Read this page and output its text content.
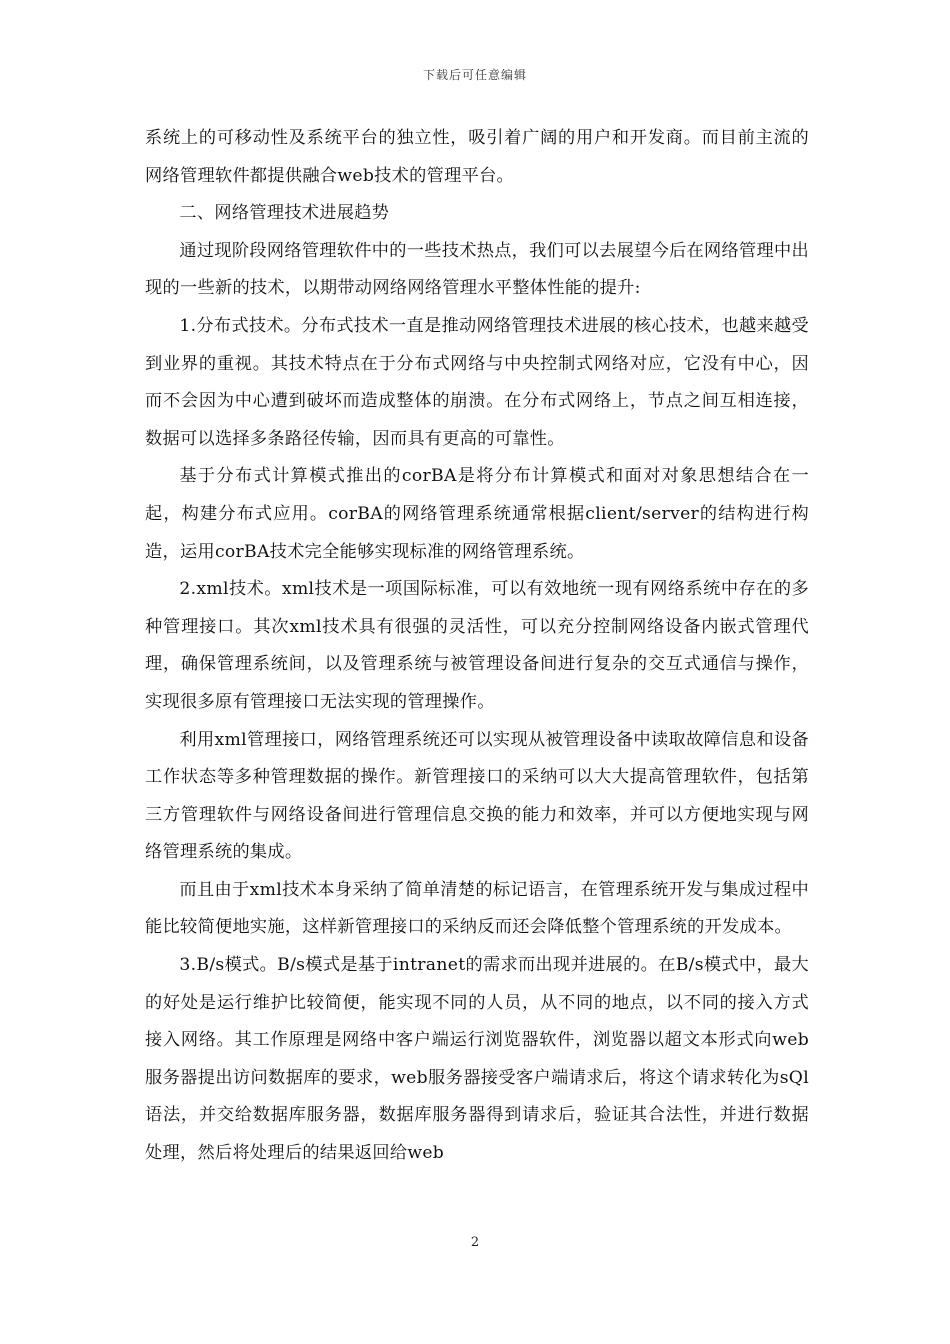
下载后可任意编辑

系统上的可移动性及系统平台的独立性，吸引着广阔的用户和开发商。而目前主流的网络管理软件都提供融合web技术的管理平台。

二、网络管理技术进展趋势

通过现阶段网络管理软件中的一些技术热点，我们可以去展望今后在网络管理中出现的一些新的技术，以期带动网络网络管理水平整体性能的提升:

1.分布式技术。分布式技术一直是推动网络管理技术进展的核心技术，也越来越受到业界的重视。其技术特点在于分布式网络与中央控制式网络对应，它没有中心，因而不会因为中心遭到破坏而造成整体的崩溃。在分布式网络上，节点之间互相连接，数据可以选择多条路径传输，因而具有更高的可靠性。

基于分布式计算模式推出的corBA是将分布计算模式和面对对象思想结合在一起，构建分布式应用。corBA的网络管理系统通常根据client/server的结构进行构造，运用corBA技术完全能够实现标准的网络管理系统。

2.xml技术。xml技术是一项国际标准，可以有效地统一现有网络系统中存在的多种管理接口。其次xml技术具有很强的灵活性，可以充分控制网络设备内嵌式管理代理，确保管理系统间，以及管理系统与被管理设备间进行复杂的交互式通信与操作，实现很多原有管理接口无法实现的管理操作。

利用xml管理接口，网络管理系统还可以实现从被管理设备中读取故障信息和设备工作状态等多种管理数据的操作。新管理接口的采纳可以大大提高管理软件，包括第三方管理软件与网络设备间进行管理信息交换的能力和效率，并可以方便地实现与网络管理系统的集成。

而且由于xml技术本身采纳了简单清楚的标记语言，在管理系统开发与集成过程中能比较简便地实施，这样新管理接口的采纳反而还会降低整个管理系统的开发成本。

3.B/s模式。B/s模式是基于intranet的需求而出现并进展的。在B/s模式中，最大的好处是运行维护比较简便，能实现不同的人员，从不同的地点，以不同的接入方式接入网络。其工作原理是网络中客户端运行浏览器软件，浏览器以超文本形式向web服务器提出访问数据库的要求，web服务器接受客户端请求后，将这个请求转化为sQl语法，并交给数据库服务器，数据库服务器得到请求后，验证其合法性，并进行数据处理，然后将处理后的结果返回给web

2
